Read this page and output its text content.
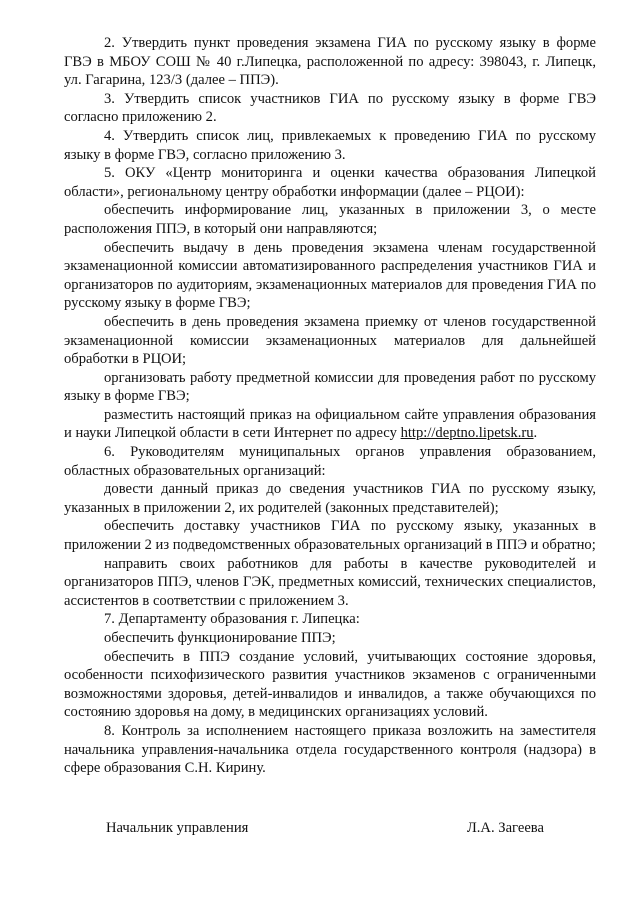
2. Утвердить пункт проведения экзамена ГИА по русскому языку в форме ГВЭ в МБОУ СОШ № 40 г.Липецка, расположенной по адресу: 398043, г. Липецк, ул. Гагарина, 123/3 (далее – ППЭ).

3. Утвердить список участников ГИА по русскому языку в форме ГВЭ согласно приложению 2.

4. Утвердить список лиц, привлекаемых к проведению ГИА по русскому языку в форме ГВЭ, согласно приложению 3.

5. ОКУ «Центр мониторинга и оценки качества образования Липецкой области», региональному центру обработки информации (далее – РЦОИ):

обеспечить информирование лиц, указанных в приложении 3, о месте расположения ППЭ, в который они направляются;

обеспечить выдачу в день проведения экзамена членам государственной экзаменационной комиссии автоматизированного распределения участников ГИА и организаторов по аудиториям, экзаменационных материалов для проведения ГИА по русскому языку в форме ГВЭ;

обеспечить в день проведения экзамена приемку от членов государственной экзаменационной комиссии экзаменационных материалов для дальнейшей обработки в РЦОИ;

организовать работу предметной комиссии для проведения работ по русскому языку в форме ГВЭ;

разместить настоящий приказ на официальном сайте управления образования и науки Липецкой области в сети Интернет по адресу http://deptno.lipetsk.ru.

6. Руководителям муниципальных органов управления образованием, областных образовательных организаций:

довести данный приказ до сведения участников ГИА по русскому языку, указанных в приложении 2, их родителей (законных представителей);

обеспечить доставку участников ГИА по русскому языку, указанных в приложении 2 из подведомственных образовательных организаций в ППЭ и обратно;

направить своих работников для работы в качестве руководителей и организаторов ППЭ, членов ГЭК, предметных комиссий, технических специалистов, ассистентов в соответствии с приложением 3.

7. Департаменту образования г. Липецка:

обеспечить функционирование ППЭ;

обеспечить в ППЭ создание условий, учитывающих состояние здоровья, особенности психофизического развития участников экзаменов с ограниченными возможностями здоровья, детей-инвалидов и инвалидов, а также обучающихся по состоянию здоровья на дому, в медицинских организациях условий.

8. Контроль за исполнением настоящего приказа возложить на заместителя начальника управления-начальника отдела государственного контроля (надзора) в сфере образования С.Н. Кирину.

Начальник управления	Л.А. Загеева
